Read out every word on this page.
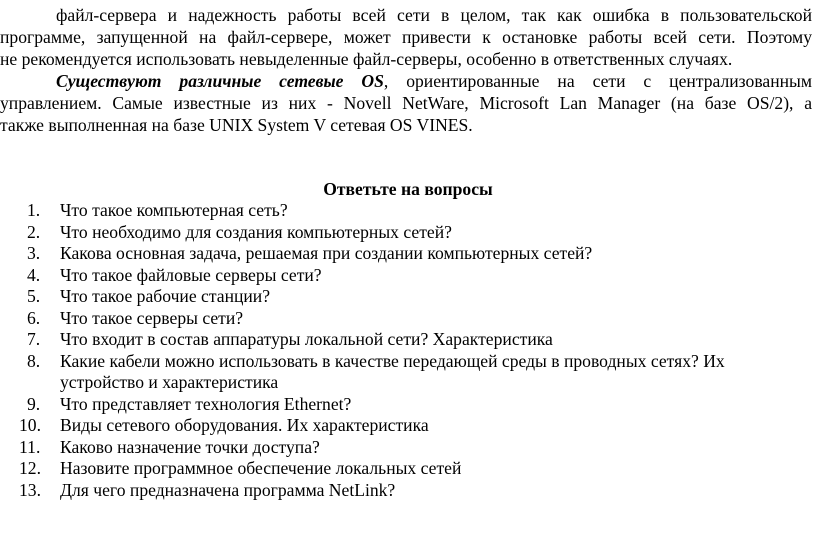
файл-сервера и надежность работы всей сети в целом, так как ошибка в пользовательской
программе, запущенной на файл-сервере, может привести к остановке работы всей сети. Поэтому
не рекомендуется использовать невыделенные файл-серверы, особенно в ответственных случаях.
Существуют различные сетевые OS, ориентированные на сети с централизованным
управлением. Самые известные из них - Novell NetWare, Microsoft Lan Manager (на базе OS/2), а
также выполненная на базе UNIX System V сетевая OS VINES.
Ответьте на вопросы
1. Что такое компьютерная сеть?
2. Что необходимо для создания компьютерных сетей?
3. Какова основная задача, решаемая при создании компьютерных сетей?
4. Что такое файловые серверы сети?
5. Что такое рабочие станции?
6. Что такое серверы сети?
7. Что входит в состав аппаратуры локальной сети? Характеристика
8. Какие кабели можно использовать в качестве передающей среды в проводных сетях? Их
устройство и характеристика
9. Что представляет технология Ethernet?
10. Виды сетевого оборудования. Их характеристика
11. Каково назначение точки доступа?
12. Назовите программное обеспечение локальных сетей
13. Для чего предназначена программа NetLink?
